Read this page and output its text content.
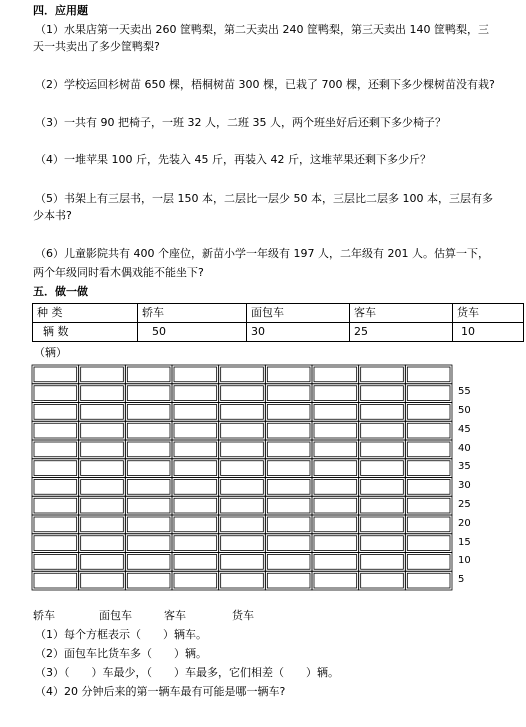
四．应用题
（1）水果店第一天卖出 260 筐鸭梨，第二天卖出 240 筐鸭梨，第三天卖出 140 筐鸭梨，三
天一共卖出了多少筐鸭梨?
（2）学校运回杉树苗 650 棵，梧桐树苗 300 棵，已栽了 700 棵，还剩下多少棵树苗没有栽?
（3）一共有 90 把椅子，一班 32 人，二班 35 人，两个班坐好后还剩下多少椅子？
（4）一堆苹果 100 斤，先装入 45 斤，再装入 42 斤，这堆苹果还剩下多少斤？
（5）书架上有三层书，一层 150 本，二层比一层少 50 本，三层比二层多 100 本，三层有多
少本书?
（6）儿童影院共有 400 个座位，新苗小学一年级有 197 人，二年级有 201 人。估算一下，
两个年级同时看木偶戏能不能坐下?
五．做一做
种 类	轿车	面包车	客车	货车
辆 数	50	30	25	10
（辆）
55
50
45
40
35
30
25
20
15
10
5
轿车	面包车	客车	货车
（1）每个方框表示（　　）辆车。
（2）面包车比货车多（　　）辆。
（3）（　　）车最少，（　　）车最多，它们相差（　　）辆。
（4）20 分钟后来的第一辆车最有可能是哪一辆车?
